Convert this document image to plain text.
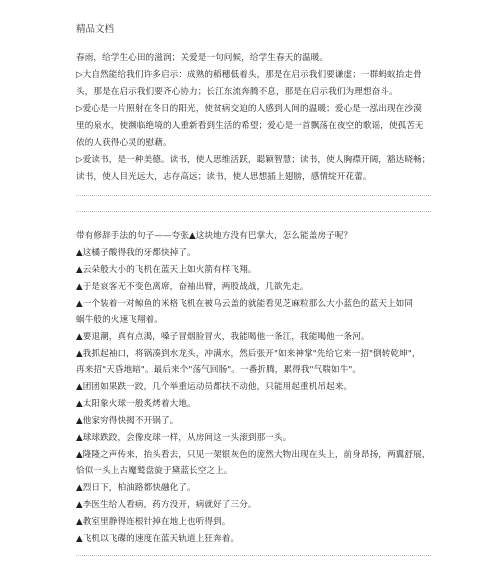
精品文档
春雨，给学生心田的滋润；关爱是一句问候，给学生春天的温暖。
▷大自然能给我们许多启示：成熟的稻穗低着头，那是在启示我们要谦虚；一群蚂蚁抬走骨
头，那是在启示我们要齐心协力；长江东流奔腾不息，那是在启示我们为理想奋斗。
▷爱心是一片照射在冬日的阳光，使贫病交迫的人感到人间的温暖；爱心是一泓出现在沙漠
里的泉水，使濒临绝境的人重新看到生活的希望；爱心是一首飘荡在夜空的歌谣，使孤苦无
依的人获得心灵的慰藉。
▷爱读书，是一种美德。读书，使人思维活跃，聪颖智慧；读书，使人胸襟开阔，豁达晓畅；
读书，使人目光远大，志存高远；读书，使人思想插上翅膀，感情绽开花蕾。
带有修辞手法的句子——夸张▲这块地方没有巴掌大，怎么能盖房子呢？
▲这橘子酸得我的牙都快掉了。
▲云朵般大小的飞机在蓝天上如火箭有样飞翔。
▲于是哀客无不变色离席，奋袖出臂，两股战战，几欲先走。
▲一个装着一对鲸鱼的米格飞机在被乌云盖的就能看见芝麻粒那么大小蓝色的蓝天上如同
蜗牛般的火速飞翔着。
▲要退潮，真有点渴，嗓子冒烟脸冒火，我能喝他一条江，我能喝他一条河。
▲我抓起袖口，将锅凑到水龙头，冲满水，然后张开"如来神掌"先给它来一招"倒转乾坤"，
再来招"天昏地暗"。最后来个"荡气回肠"。一番折腾，累得我"气喘如牛"。
▲团团如果跌一跤，几个举重运动员都扶不动他，只能用起重机吊起来。
▲太阳象火球一般炙烤着大地。
▲他家穷得快揭不开锅了。
▲球球跌跤，会像皮球一样，从房间这一头滚到那一头。
▲隆隆之声传来，抬头看去，只见一架银灰色的庞然大物出现在头上，前身昂扬，两翼舒展，
恰似一头上古魔鹫盘旋于黛蓝长空之上。
▲烈日下，柏油路都快融化了。
▲李医生给人看病，药方没开，病就好了三分。
▲教室里静得连根针掉在地上也听得到。
▲飞机以飞碟的速度在蓝天轨道上狂奔着。
